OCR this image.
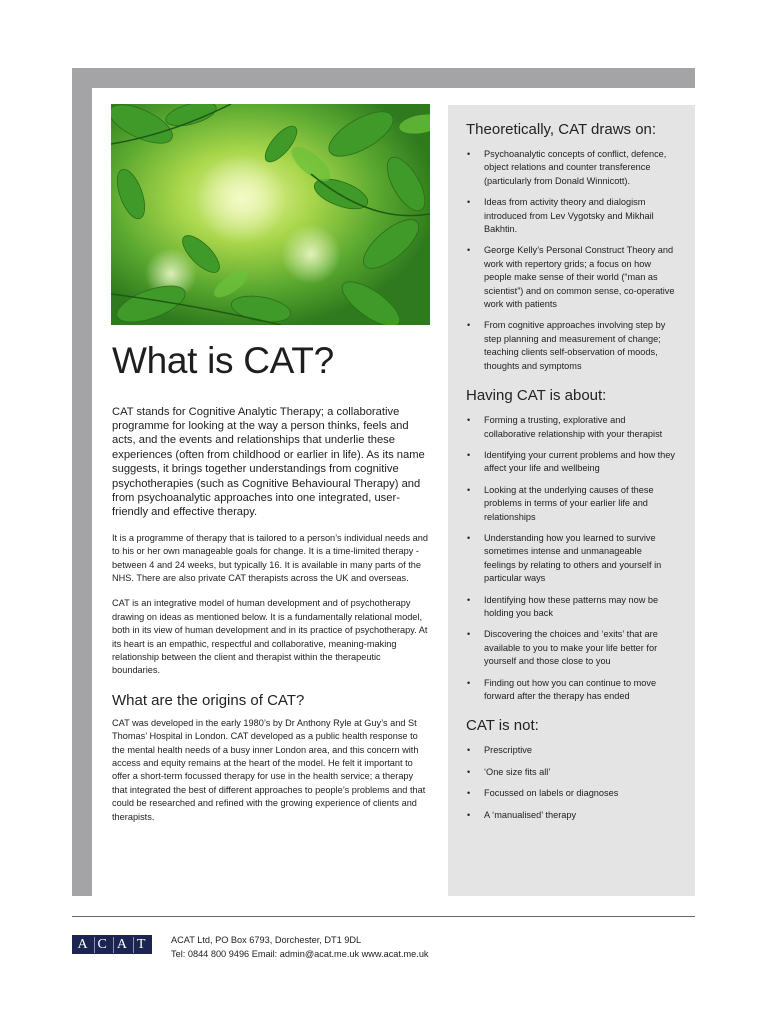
What is CAT?

CAT stands for Cognitive Analytic Therapy; a collaborative programme for looking at the way a person thinks, feels and acts, and the events and relationships that underlie these experiences (often from childhood or earlier in life). As its name suggests, it brings together understandings from cognitive psychotherapies (such as Cognitive Behavioural Therapy) and from psychoanalytic approaches into one integrated, user-friendly and effective therapy.

It is a programme of therapy that is tailored to a person’s individual needs and to his or her own manageable goals for change. It is a time-limited therapy - between 4 and 24 weeks, but typically 16. It is available in many parts of the NHS. There are also private CAT therapists across the UK and overseas.

CAT is an integrative model of human development and of psychotherapy drawing on ideas as mentioned below. It is a fundamentally relational model, both in its view of human development and in its practice of psychotherapy. At its heart is an empathic, respectful and collaborative, meaning-making relationship between the client and therapist within the therapeutic boundaries.

What are the origins of CAT?

CAT was developed in the early 1980’s by Dr Anthony Ryle at Guy’s and St Thomas’ Hospital in London. CAT developed as a public health response to the mental health needs of a busy inner London area, and this concern with access and equity remains at the heart of the model. He felt it important to offer a short-term focussed therapy for use in the health service; a therapy that integrated the best of different approaches to people’s problems and that could be researched and refined with the growing experience of clients and therapists.

Theoretically, CAT draws on:
• Psychoanalytic concepts of conflict, defence, object relations and counter transference (particularly from Donald Winnicott).
• Ideas from activity theory and dialogism introduced from Lev Vygotsky and Mikhail Bakhtin.
• George Kelly’s Personal Construct Theory and work with repertory grids; a focus on how people make sense of their world (“man as scientist”) and on common sense, co-operative work with patients
• From cognitive approaches involving step by step planning and measurement of change; teaching clients self-observation of moods, thoughts and symptoms
Having CAT is about:
• Forming a trusting, explorative and collaborative relationship with your therapist
• Identifying your current problems and how they affect your life and wellbeing
• Looking at the underlying causes of these problems in terms of your earlier life and relationships
• Understanding how you learned to survive sometimes intense and unmanageable feelings by relating to others and yourself in particular ways
• Identifying how these patterns may now be holding you back
• Discovering the choices and ‘exits’ that are available to you to make your life better for yourself and those close to you
• Finding out how you can continue to move forward after the therapy has ended
CAT is not:
• Prescriptive
• ‘One size fits all’
• Focussed on labels or diagnoses
• A ‘manualised’ therapy
A C A T	ACAT Ltd, PO Box 6793, Dorchester, DT1 9DL
Tel: 0844 800 9496 Email: admin@acat.me.uk www.acat.me.uk
